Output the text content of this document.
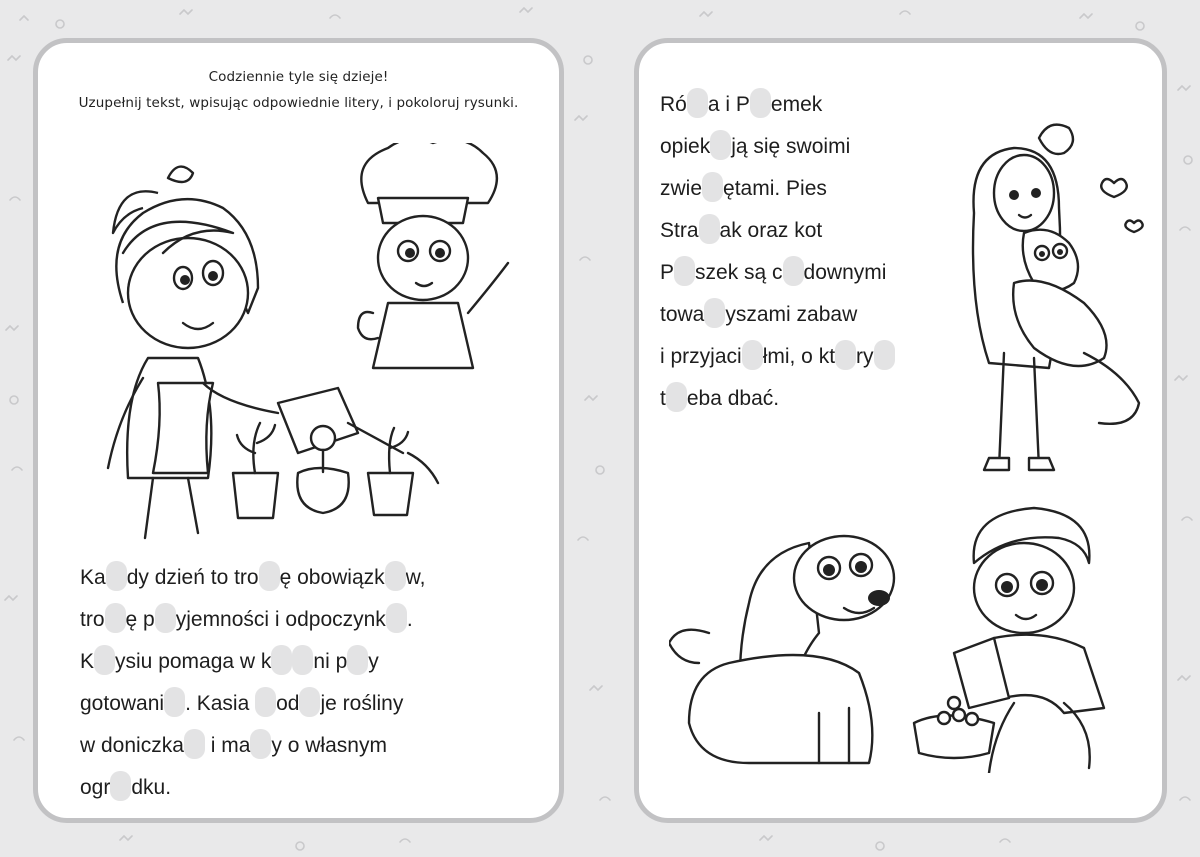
Codziennie tyle się dzieje!
Uzupełnij tekst, wpisując odpowiednie litery, i pokoloruj rysunki.
Ka dy dzień to tro ę obowiązk w,
tro ę p yjemności i odpoczynk .
K ysiu pomaga w k ni p y
gotowani . Kasia od je rośliny
w doniczka i ma y o własnym
ogr dku.
Ró a i P emek
opiek ją się swoimi
zwie ętami. Pies
Stra ak oraz kot
P szek są c downymi
towa yszami zabaw
i przyjaci łmi, o kt ry
t eba dbać.
